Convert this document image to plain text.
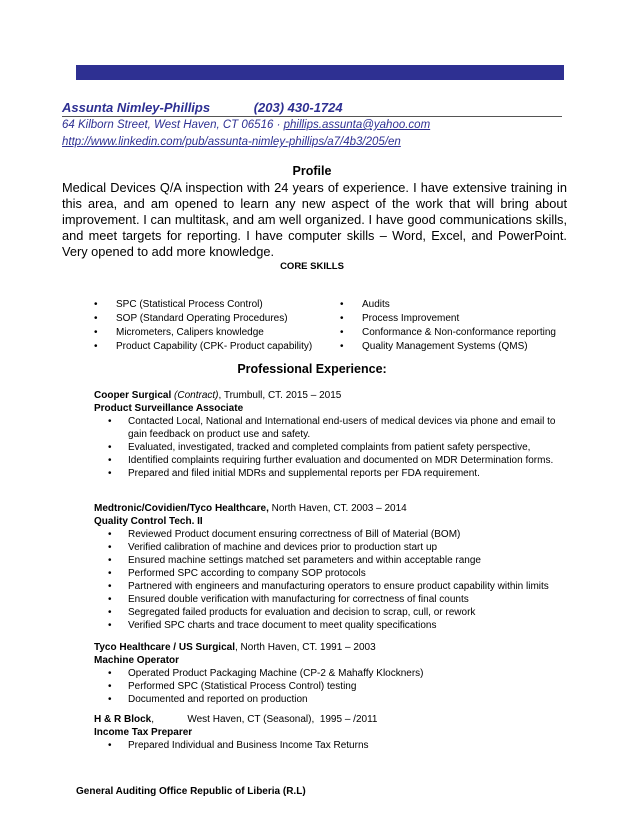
Assunta Nimley-Phillips	(203) 430-1724
64 Kilborn Street, West Haven, CT 06516 · phillips.assunta@yahoo.com
http://www.linkedin.com/pub/assunta-nimley-phillips/a7/4b3/205/en
Profile
Medical Devices Q/A inspection with 24 years of experience. I have extensive training in this area, and am opened to learn any new aspect of the work that will bring about improvement. I can multitask, and am well organized. I have good communications skills, and meet targets for reporting. I have computer skills – Word, Excel, and PowerPoint. Very opened to add more knowledge.
CORE SKILLS
• SPC (Statistical Process Control)
• SOP (Standard Operating Procedures)
• Micrometers, Calipers knowledge
• Product Capability (CPK- Product capability)
• Audits
• Process Improvement
• Conformance & Non-conformance reporting
• Quality Management Systems (QMS)
Professional Experience:
Cooper Surgical (Contract), Trumbull, CT. 2015 – 2015
Product Surveillance Associate
• Contacted Local, National and International end-users of medical devices via phone and email to gain feedback on product use and safety.
• Evaluated, investigated, tracked and completed complaints from patient safety perspective,
• Identified complaints requiring further evaluation and documented on MDR Determination forms.
• Prepared and filed initial MDRs and supplemental reports per FDA requirement.
Medtronic/Covidien/Tyco Healthcare, North Haven, CT. 2003 – 2014
Quality Control Tech. II
• Reviewed Product document ensuring correctness of Bill of Material (BOM)
• Verified calibration of machine and devices prior to production start up
• Ensured machine settings matched set parameters and within acceptable range
• Performed SPC according to company SOP protocols
• Partnered with engineers and manufacturing operators to ensure product capability within limits
• Ensured double verification with manufacturing for correctness of final counts
• Segregated failed products for evaluation and decision to scrap, cull, or rework
• Verified SPC charts and trace document to meet quality specifications
Tyco Healthcare / US Surgical, North Haven, CT. 1991 – 2003
Machine Operator
• Operated Product Packaging Machine (CP-2 & Mahaffy Klockners)
• Performed SPC (Statistical Process Control) testing
• Documented and reported on production
H & R Block,            West Haven, CT (Seasonal),  1995 – /2011
Income Tax Preparer
• Prepared Individual and Business Income Tax Returns
General Auditing Office Republic of Liberia (R.L)
